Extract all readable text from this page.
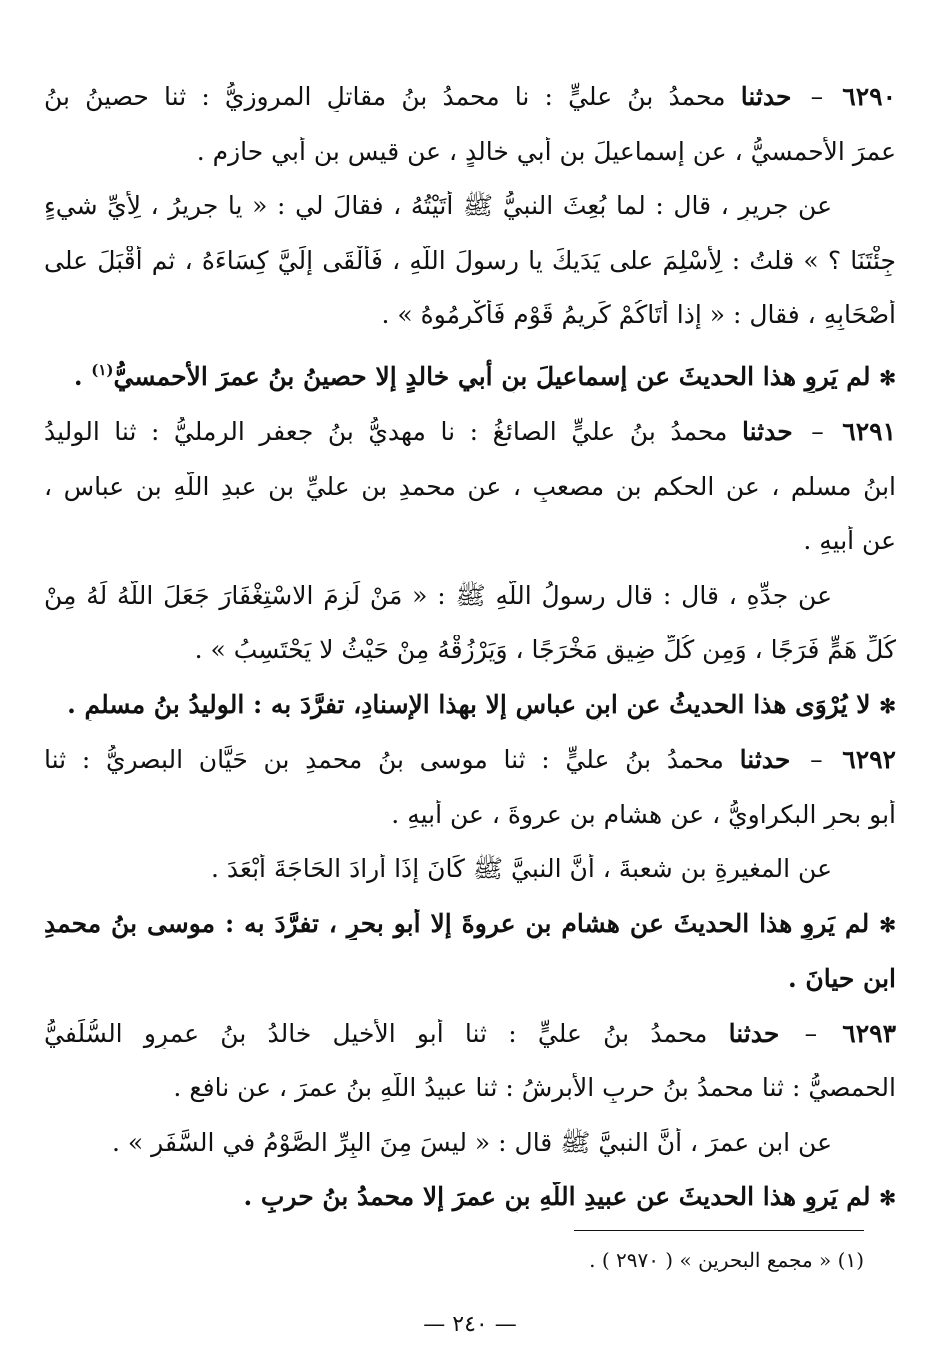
٦٢٩٠ – حدثنا محمدُ بنُ عليٍّ : نا محمدُ بنُ مقاتلٍ المروزيُّ : ثنا حصينُ بنُ
عمرَ الأحمسيُّ ، عن إسماعيلَ بنِ أبي خالدٍ ، عن قيسِ بنِ أبي حازمٍ .
عن جريرٍ ، قال : لما بُعِثَ النبيُّ ﷺ أَتَيْتُهُ ، فقالَ لي : « يا جريرُ ، لِأَيِّ شيءٍ
جِئْتَنَا ؟ » قلتُ : لِأُسْلِمَ على يَدَيكَ يا رسولَ اللَّهِ ، فَأَلْقَى إِلَيَّ كِسَاءَهُ ، ثم أَقْبَلَ على
أَصْحَابِهِ ، فقال : « إذا أَتَاكُمْ كَرِيمُ قَوْمٍ فَأَكْرِمُوهُ » .
✻ لم يَروِ هذا الحديثَ عن إسماعيلَ بنِ أبي خالدٍ إلا حصينُ بنُ عمرَ الأحمسيُّ$^{(١)}$ .
٦٢٩١ – حدثنا محمدُ بنُ عليٍّ الصائغُ : نا مهديُّ بنُ جعفر الرمليُّ : ثنا الوليدُ
ابنُ مسلمٍ ، عن الحكمِ بنِ مصعبٍ ، عن محمدِ بنِ عليِّ بنِ عبدِ اللَّهِ بنِ عباسٍ ،
عن أبيهِ .
عن جدِّهِ ، قال : قال رسولُ اللَّهِ ﷺ : « مَنْ لَزِمَ الاسْتِغْفَارَ جَعَلَ اللَّهُ لَهُ مِنْ
كُلِّ هَمٍّ فَرَجًا ، وَمِن كُلِّ ضِيقٍ مَخْرَجًا ، وَيَرْزُقْهُ مِنْ حَيْثُ لا يَحْتَسِبُ » .
✻ لا يُرْوَى هذا الحديثُ عن ابنِ عباسٍ إلا بهذا الإسنادِ، تفرَّدَ به : الوليدُ بنُ مسلمٍ .
٦٢٩٢ – حدثنا محمدُ بنُ عليٍّ : ثنا موسى بنُ محمدِ بنِ حَيَّان البصريُّ : ثنا
أبو بحرٍ البكراويُّ ، عن هشامِ بنِ عروةَ ، عن أبيهِ .
عن المغيرةِ بنِ شعبةَ ، أَنَّ النبيَّ ﷺ كَانَ إِذَا أَرادَ الحَاجَةَ أَبْعَدَ .
✻ لم يَروِ هذا الحديثَ عن هشامِ بنِ عروةَ إلا أبو بحرٍ ، تفرَّدَ به : موسى بنُ محمدِ
ابنِ حيانَ .
٦٢٩٣ – حدثنا محمدُ بنُ عليٍّ : ثنا أبو الأخيل خالدُ بنُ عمرٍو السُّلَفيُّ
الحمصيُّ : ثنا محمدُ بنُ حربٍ الأبرشُ : ثنا عبيدُ اللَّهِ بنُ عمرَ ، عن نافعٍ .
عن ابنِ عمرَ ، أَنَّ النبيَّ ﷺ قال : « ليسَ مِنَ البِرِّ الصَّوْمُ في السَّفَرِ » .
✻ لم يَروِ هذا الحديثَ عن عبيدِ اللَّهِ بنِ عمرَ إلا محمدُ بنُ حربٍ .
(١) « مجمع البحرين » ( ٢٩٧٠ ) .
— ٢٤٠ —
